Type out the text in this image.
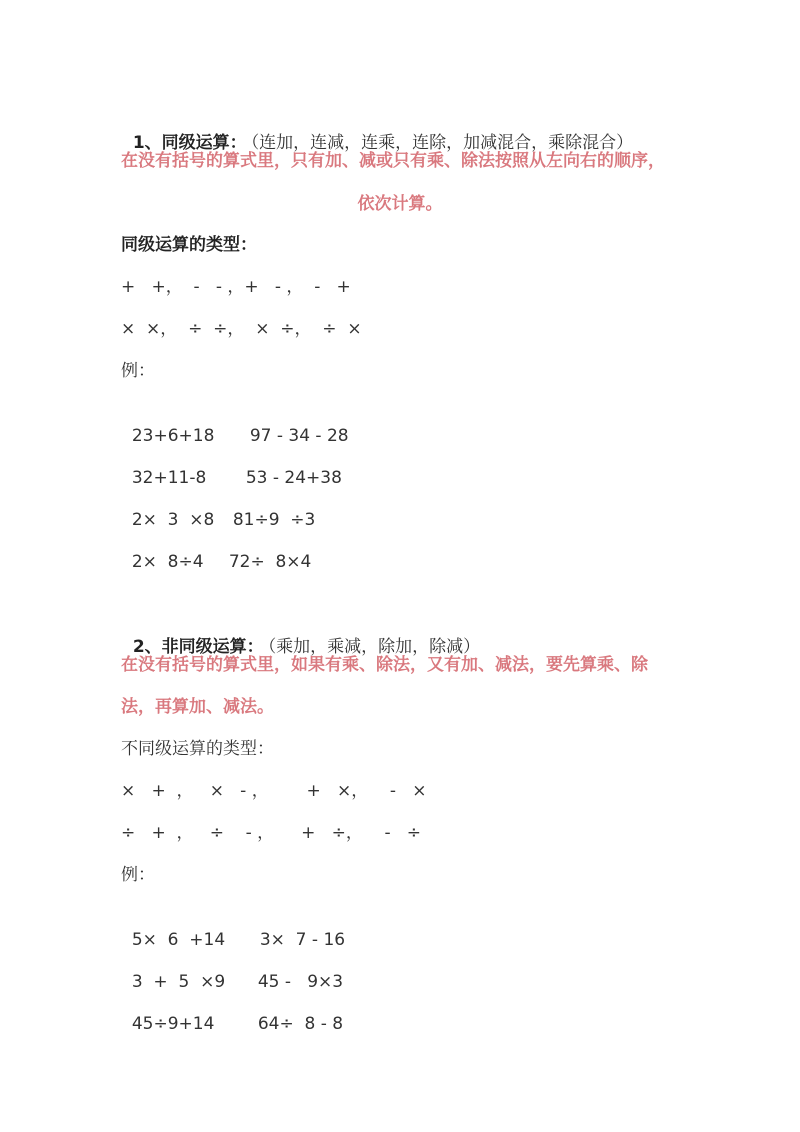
1、同级运算： （连加，连减，连乘，连除，加减混合，乘除混合）

在没有括号的算式里，只有加、减或只有乘、除法按照从左向右的顺序，
依次计算。
同级运算的类型：
+   +，  -   - ，+   - ，  -   +
×  ×，  ÷  ÷，  ×  ÷，  ÷  ×
例：

23+6+18 97 - 34 - 28

32+11-8 53 - 24+38

2×  3  ×8 81÷9  ÷3

2×  8÷4 72÷  8×4

2、非同级运算： （乘加，乘减，除加，除减）

在没有括号的算式里，如果有乘、除法，又有加、减法，要先算乘、除
法，再算加、减法。
不同级运算的类型：
×   +  ，   ×   - ，       +   ×，    -   ×
÷   +  ，   ÷    - ，     +   ÷，    -   ÷
例：

5×  6  +14 3×  7 - 16

3  +  5  ×9 45 -   9×3

45÷9+14	64÷  8 - 8
